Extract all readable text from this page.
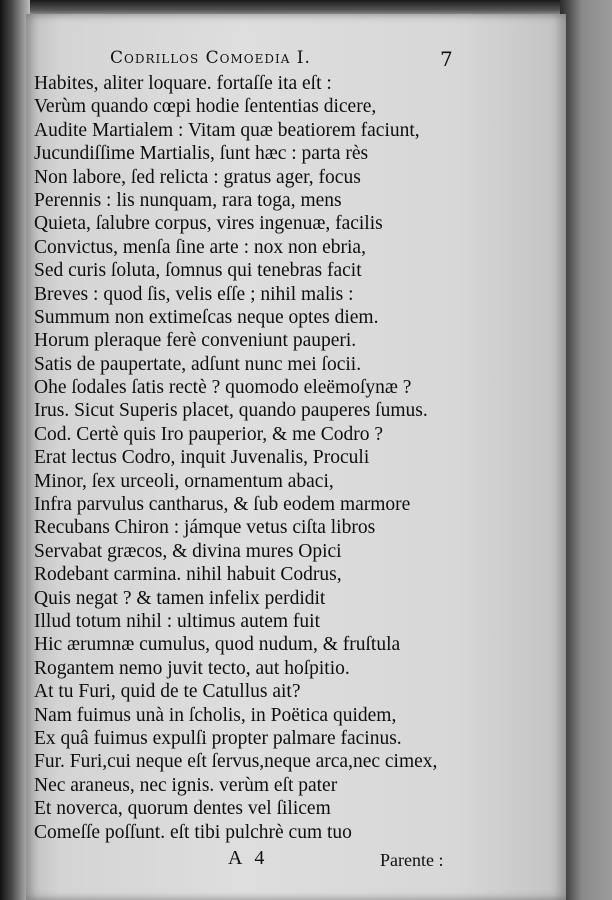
Codrillos Comoedia I.	7
Habites, aliter loquare. fortaſſe ita eſt :
Verùm quando cœpi hodie ſententias dicere,
Audite Martialem : Vitam quæ beatiorem faciunt,
Jucundiſſime Martialis, ſunt hæc : parta rès
Non labore, ſed relicta : gratus ager, focus
Perennis : lis nunquam, rara toga, mens
Quieta, ſalubre corpus, vires ingenuæ, facilis
Convictus, menſa ſine arte : nox non ebria,
Sed curis ſoluta, ſomnus qui tenebras facit
Breves : quod ſis, velis eſſe ; nihil malis :
Summum non extimeſcas neque optes diem.
Horum pleraque ferè conveniunt pauperi.
Satis de paupertate, adſunt nunc mei ſocii.
Ohe ſodales ſatis rectè ? quomodo eleëmoſynæ ?
Irus. Sicut Superis placet, quando pauperes ſumus.
Cod. Certè quis Iro pauperior, & me Codro ?
Erat lectus Codro, inquit Juvenalis, Proculi
Minor, ſex urceoli, ornamentum abaci,
Infra parvulus cantharus, & ſub eodem marmore
Recubans Chiron : jámque vetus ciſta libros
Servabat græcos, & divina mures Opici
Rodebant carmina. nihil habuit Codrus,
Quis negat ? & tamen infelix perdidit
Illud totum nihil : ultimus autem fuit
Hic ærumnæ cumulus, quod nudum, & fruſtula
Rogantem nemo juvit tecto, aut hoſpitio.
At tu Furi, quid de te Catullus ait?
Nam fuimus unà in ſcholis, in Poëtica quidem,
Ex quâ fuimus expulſi propter palmare facinus.
Fur. Furi,cui neque eſt ſervus,neque arca,nec cimex,
Nec araneus, nec ignis. verùm eſt pater
Et noverca, quorum dentes vel ſilicem
Comeſſe poſſunt. eſt tibi pulchrè cum tuo
A 4	Parente :
